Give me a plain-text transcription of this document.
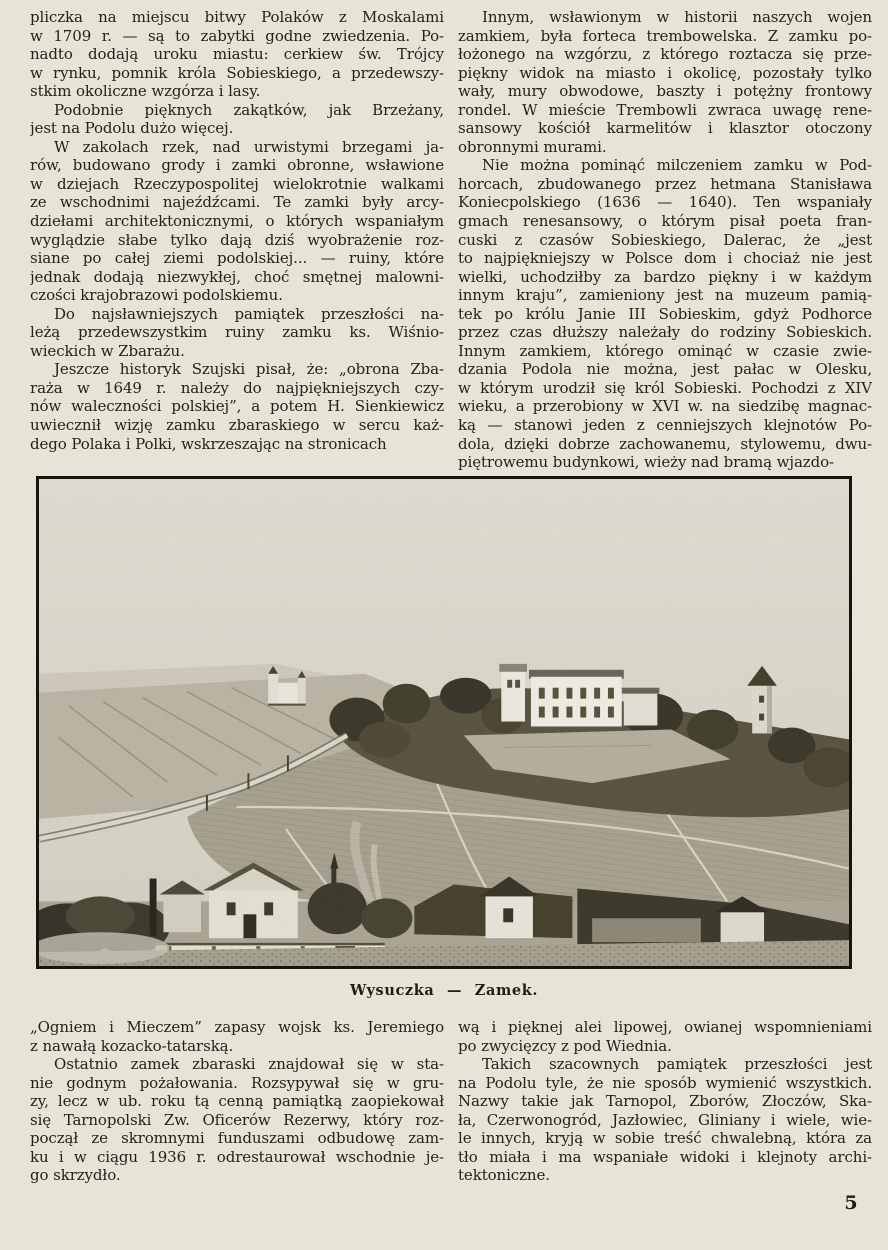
pliczka na miejscu bitwy Polaków z Moskalami
w 1709 r. — są to zabytki godne zwiedzenia. Po-
nadto dodają uroku miastu: cerkiew św. Trójcy
w rynku, pomnik króla Sobieskiego, a przedewszy-
stkim okoliczne wzgórza i lasy.
Podobnie pięknych zakątków, jak Brzeżany,
jest na Podolu dużo więcej.
W zakolach rzek, nad urwistymi brzegami ja-
rów, budowano grody i zamki obronne, wsławione
w dziejach Rzeczypospolitej wielokrotnie walkami
ze wschodnimi najeźdźcami. Te zamki były arcy-
dziełami architektonicznymi, o których wspaniałym
wyglądzie słabe tylko dają dziś wyobrażenie roz-
siane po całej ziemi podolskiej... — ruiny, które
jednak dodają niezwykłej, choć smętnej malowni-
czości krajobrazowi podolskiemu.
Do najsławniejszych pamiątek przeszłości na-
leżą przedewszystkim ruiny zamku ks. Wiśnio-
wieckich w Zbarażu.
Jeszcze historyk Szujski pisał, że: „obrona Zba-
raża w 1649 r. należy do najpiękniejszych czy-
nów waleczności polskiej”, a potem H. Sienkiewicz
uwiecznił wizję zamku zbaraskiego w sercu każ-
dego Polaka i Polki, wskrzeszając na stronicach
Innym, wsławionym w historii naszych wojen
zamkiem, była forteca trembowelska. Z zamku po-
łożonego na wzgórzu, z którego roztacza się prze-
piękny widok na miasto i okolicę, pozostały tylko
wały, mury obwodowe, baszty i potężny frontowy
rondel. W mieście Trembowli zwraca uwagę rene-
sansowy kościół karmelitów i klasztor otoczony
obronnymi murami.
Nie można pominąć milczeniem zamku w Pod-
horcach, zbudowanego przez hetmana Stanisława
Koniecpolskiego (1636 — 1640). Ten wspaniały
gmach renesansowy, o którym pisał poeta fran-
cuski z czasów Sobieskiego, Dalerac, że „jest
to najpiękniejszy w Polsce dom i chociaż nie jest
wielki, uchodziłby za bardzo piękny i w każdym
innym kraju”, zamieniony jest na muzeum pamią-
tek po królu Janie III Sobieskim, gdyż Podhorce
przez czas dłuższy należały do rodziny Sobieskich.
Innym zamkiem, którego ominąć w czasie zwie-
dzania Podola nie można, jest pałac w Olesku,
w którym urodził się król Sobieski. Pochodzi z XIV
wieku, a przerobiony w XVI w. na siedzibę magnac-
ką — stanowi jeden z cenniejszych klejnotów Po-
dola, dzięki dobrze zachowanemu, stylowemu, dwu-
piętrowemu budynkowi, wieży nad bramą wjazdo-
Wysuczka — Zamek.
„Ogniem i Mieczem” zapasy wojsk ks. Jeremiego
z nawałą kozacko-tatarską.
Ostatnio zamek zbaraski znajdował się w sta-
nie godnym pożałowania. Rozsypywał się w gru-
zy, lecz w ub. roku tą cenną pamiątką zaopiekował
się Tarnopolski Zw. Oficerów Rezerwy, który roz-
począł ze skromnymi funduszami odbudowę zam-
ku i w ciągu 1936 r. odrestaurował wschodnie je-
go skrzydło.
wą i pięknej alei lipowej, owianej wspomnieniami
po zwycięzcy z pod Wiednia.
Takich szacownych pamiątek przeszłości jest
na Podolu tyle, że nie sposób wymienić wszystkich.
Nazwy takie jak Tarnopol, Zborów, Złoczów, Ska-
ła, Czerwonogród, Jazłowiec, Gliniany i wiele, wie-
le innych, kryją w sobie treść chwalebną, która za
tło miała i ma wspaniałe widoki i klejnoty archi-
tektoniczne.
5
